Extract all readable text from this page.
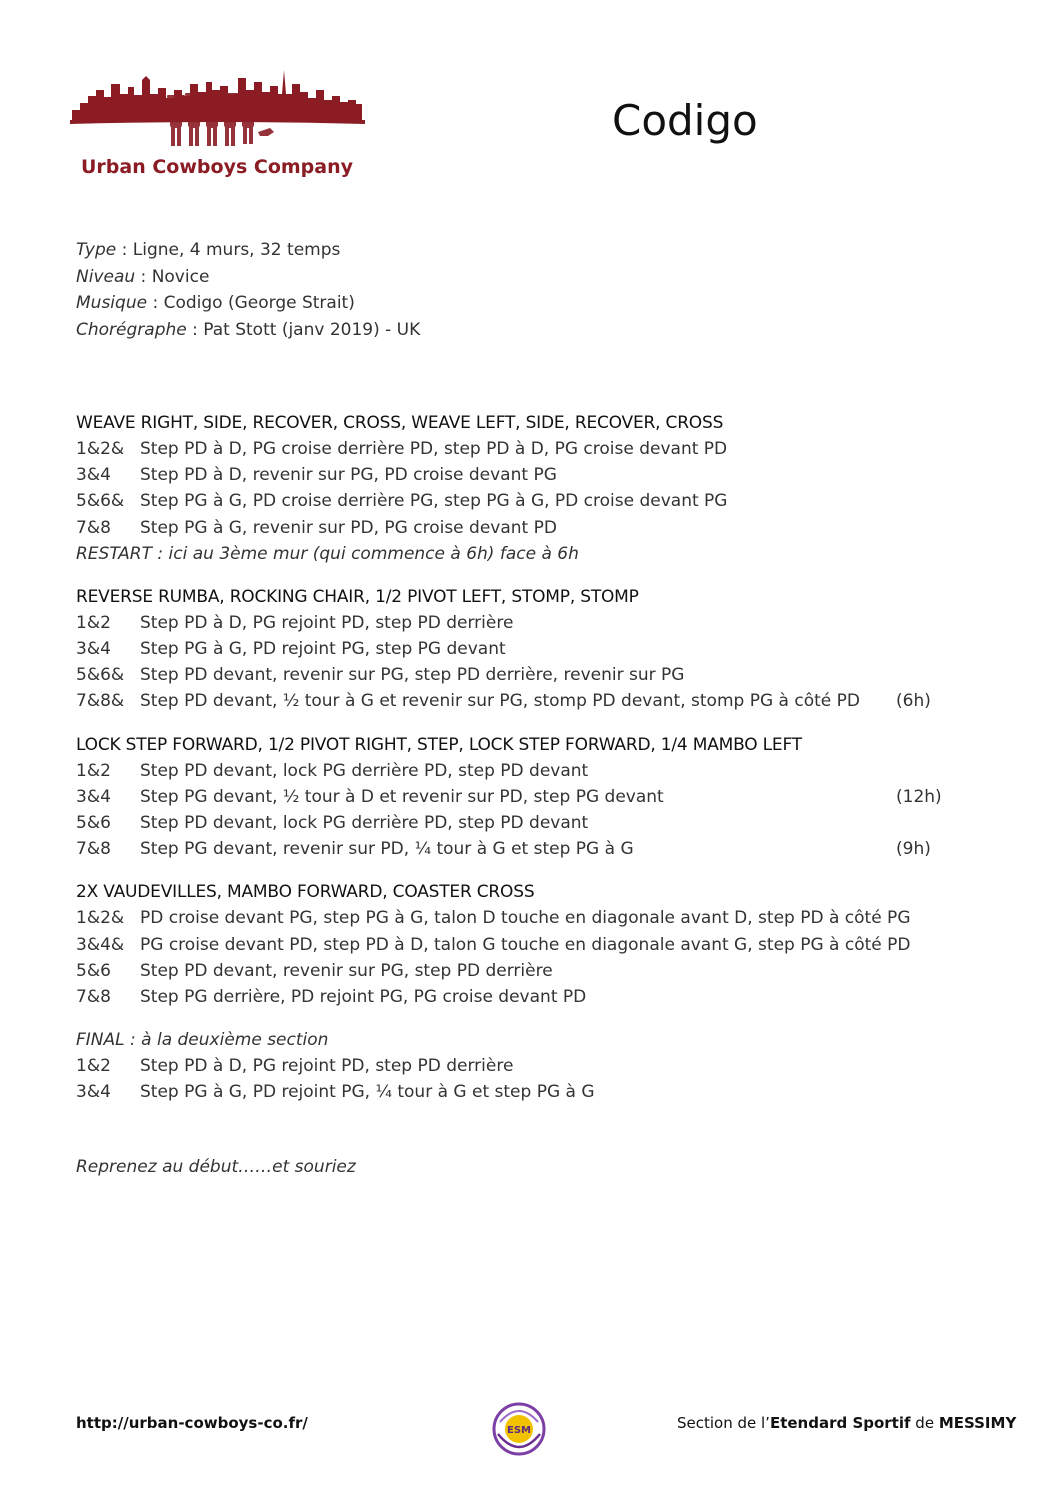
Urban Cowboys Company
Codigo
Type : Ligne, 4 murs, 32 temps
Niveau : Novice
Musique : Codigo (George Strait)
Chorégraphe : Pat Stott (janv 2019) - UK
WEAVE RIGHT, SIDE, RECOVER, CROSS, WEAVE LEFT, SIDE, RECOVER, CROSS
1&2& Step PD à D, PG croise derrière PD, step PD à D, PG croise devant PD
3&4	Step PD à D, revenir sur PG, PD croise devant PG
5&6& Step PG à G, PD croise derrière PG, step PG à G, PD croise devant PG
7&8	Step PG à G, revenir sur PD, PG croise devant PD
RESTART : ici au 3ème mur (qui commence à 6h) face à 6h
REVERSE RUMBA, ROCKING CHAIR, 1/2 PIVOT LEFT, STOMP, STOMP
1&2	Step PD à D, PG rejoint PD, step PD derrière
3&4	Step PG à G, PD rejoint PG, step PG devant
5&6& Step PD devant, revenir sur PG, step PD derrière, revenir sur PG
7&8& Step PD devant, ½ tour à G et revenir sur PG, stomp PD devant, stomp PG à côté PD	(6h)
LOCK STEP FORWARD, 1/2 PIVOT RIGHT, STEP, LOCK STEP FORWARD, 1/4 MAMBO LEFT
1&2	Step PD devant, lock PG derrière PD, step PD devant
3&4	Step PG devant, ½ tour à D et revenir sur PD, step PG devant	(12h)
5&6	Step PD devant, lock PG derrière PD, step PD devant
7&8	Step PG devant, revenir sur PD, ¼ tour à G et step PG à G	(9h)
2X VAUDEVILLES, MAMBO FORWARD, COASTER CROSS
1&2& PD croise devant PG, step PG à G, talon D touche en diagonale avant D, step PD à côté PG
3&4& PG croise devant PD, step PD à D, talon G touche en diagonale avant G, step PG à côté PD
5&6	Step PD devant, revenir sur PG, step PD derrière
7&8	Step PG derrière, PD rejoint PG, PG croise devant PD
FINAL : à la deuxième section
1&2	Step PD à D, PG rejoint PD, step PD derrière
3&4	Step PG à G, PD rejoint PG, ¼ tour à G et step PG à G
Reprenez au début……et souriez
http://urban-cowboys-co.fr/	ESM	Section de l’Etendard Sportif de MESSIMY
